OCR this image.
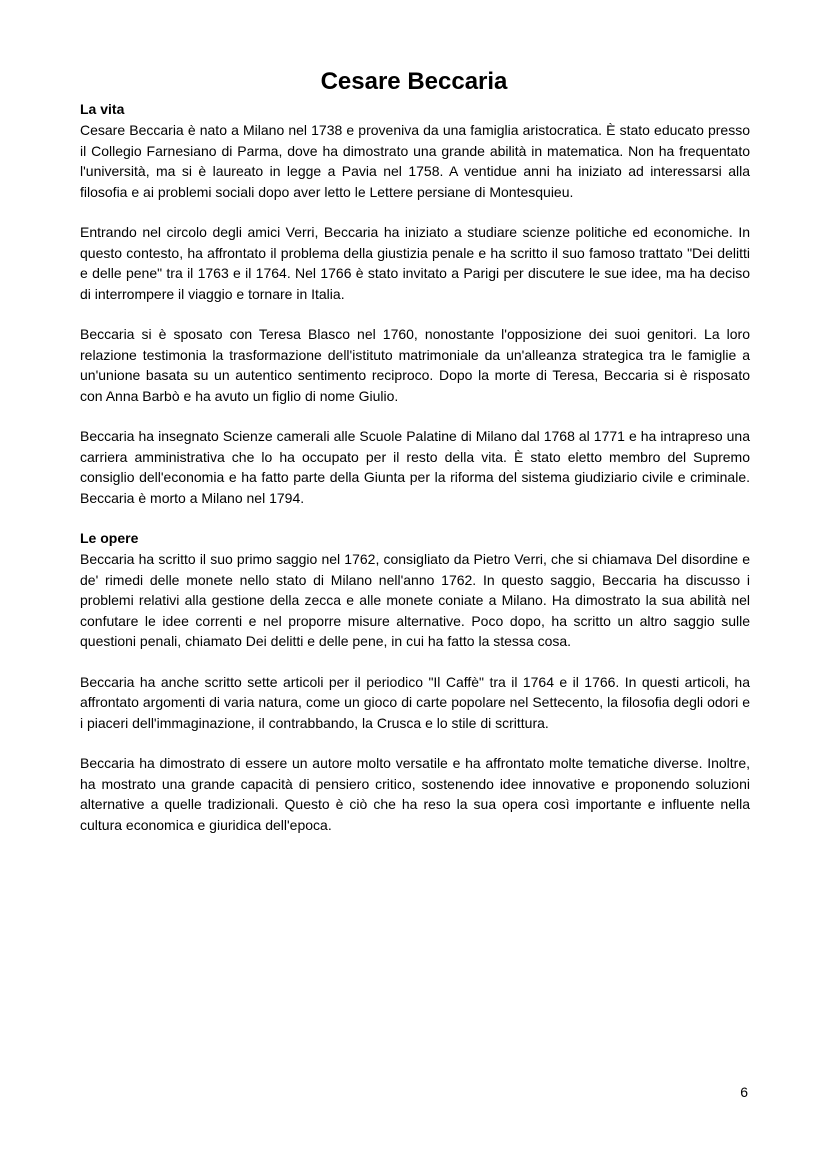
Cesare Beccaria
La vita

Cesare Beccaria è nato a Milano nel 1738 e proveniva da una famiglia aristocratica. È stato educato presso il Collegio Farnesiano di Parma, dove ha dimostrato una grande abilità in matematica. Non ha frequentato l'università, ma si è laureato in legge a Pavia nel 1758. A ventidue anni ha iniziato ad interessarsi alla filosofia e ai problemi sociali dopo aver letto le Lettere persiane di Montesquieu.

Entrando nel circolo degli amici Verri, Beccaria ha iniziato a studiare scienze politiche ed economiche. In questo contesto, ha affrontato il problema della giustizia penale e ha scritto il suo famoso trattato "Dei delitti e delle pene" tra il 1763 e il 1764. Nel 1766 è stato invitato a Parigi per discutere le sue idee, ma ha deciso di interrompere il viaggio e tornare in Italia.

Beccaria si è sposato con Teresa Blasco nel 1760, nonostante l'opposizione dei suoi genitori. La loro relazione testimonia la trasformazione dell'istituto matrimoniale da un'alleanza strategica tra le famiglie a un'unione basata su un autentico sentimento reciproco. Dopo la morte di Teresa, Beccaria si è risposato con Anna Barbò e ha avuto un figlio di nome Giulio.

Beccaria ha insegnato Scienze camerali alle Scuole Palatine di Milano dal 1768 al 1771 e ha intrapreso una carriera amministrativa che lo ha occupato per il resto della vita. È stato eletto membro del Supremo consiglio dell'economia e ha fatto parte della Giunta per la riforma del sistema giudiziario civile e criminale. Beccaria è morto a Milano nel 1794.

Le opere

Beccaria ha scritto il suo primo saggio nel 1762, consigliato da Pietro Verri, che si chiamava Del disordine e de' rimedi delle monete nello stato di Milano nell'anno 1762. In questo saggio, Beccaria ha discusso i problemi relativi alla gestione della zecca e alle monete coniate a Milano. Ha dimostrato la sua abilità nel confutare le idee correnti e nel proporre misure alternative. Poco dopo, ha scritto un altro saggio sulle questioni penali, chiamato Dei delitti e delle pene, in cui ha fatto la stessa cosa.

Beccaria ha anche scritto sette articoli per il periodico "Il Caffè" tra il 1764 e il 1766. In questi articoli, ha affrontato argomenti di varia natura, come un gioco di carte popolare nel Settecento, la filosofia degli odori e i piaceri dell'immaginazione, il contrabbando, la Crusca e lo stile di scrittura.

Beccaria ha dimostrato di essere un autore molto versatile e ha affrontato molte tematiche diverse. Inoltre, ha mostrato una grande capacità di pensiero critico, sostenendo idee innovative e proponendo soluzioni alternative a quelle tradizionali. Questo è ciò che ha reso la sua opera così importante e influente nella cultura economica e giuridica dell'epoca.

6
